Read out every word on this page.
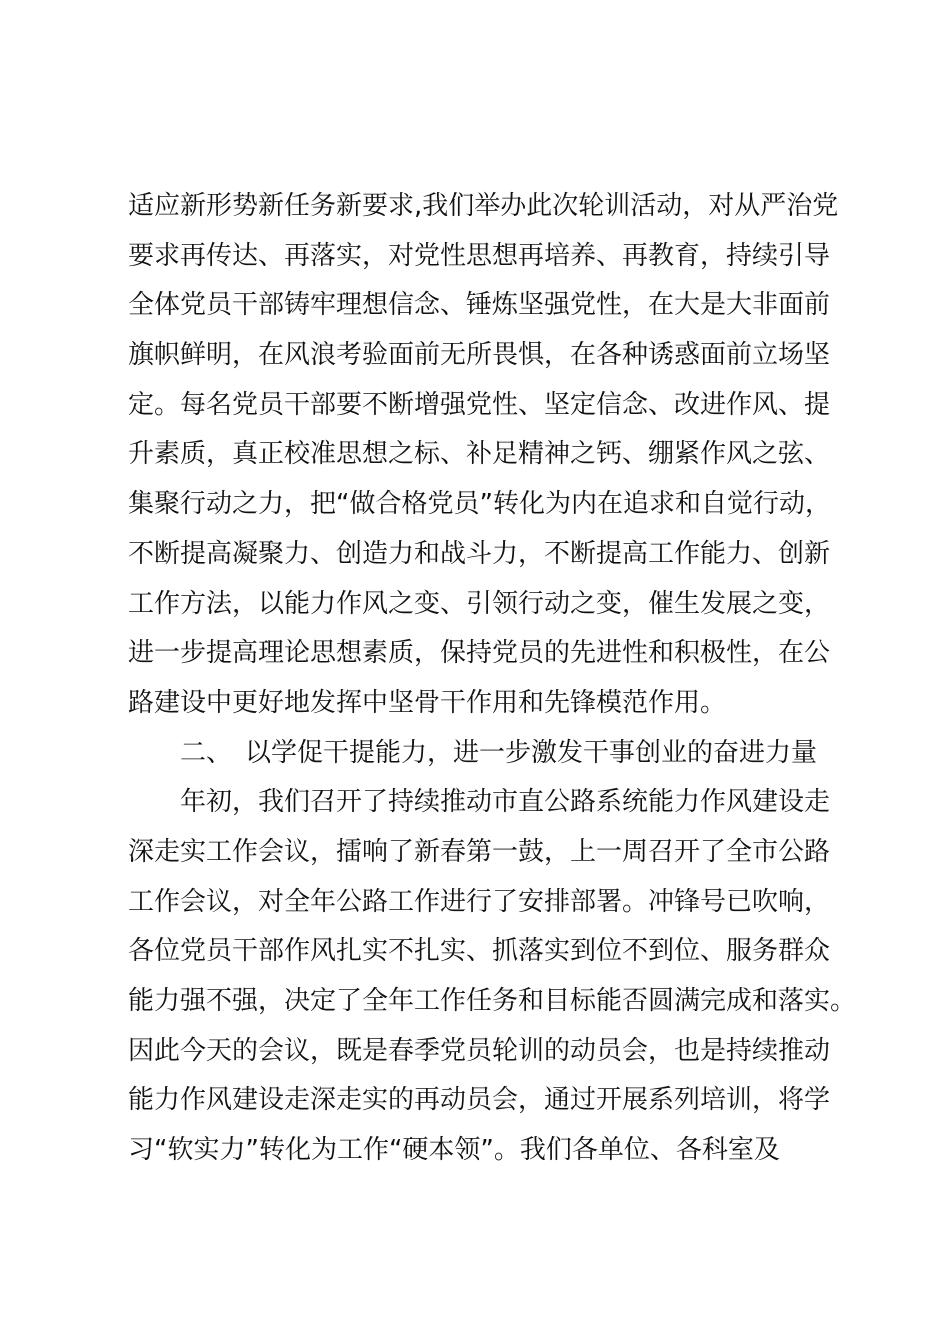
适应新形势新任务新要求,我们举办此次轮训活动，对从严治党
要求再传达、再落实，对党性思想再培养、再教育，持续引导
全体党员干部铸牢理想信念、锤炼坚强党性，在大是大非面前
旗帜鲜明，在风浪考验面前无所畏惧，在各种诱惑面前立场坚
定。每名党员干部要不断增强党性、坚定信念、改进作风、提
升素质，真正校准思想之标、补足精神之钙、绷紧作风之弦、
集聚行动之力，把“做合格党员”转化为内在追求和自觉行动，
不断提高凝聚力、创造力和战斗力，不断提高工作能力、创新
工作方法，以能力作风之变、引领行动之变，催生发展之变，
进一步提高理论思想素质，保持党员的先进性和积极性，在公
路建设中更好地发挥中坚骨干作用和先锋模范作用。
二、　以学促干提能力，进一步激发干事创业的奋进力量
年初，我们召开了持续推动市直公路系统能力作风建设走
深走实工作会议，擂响了新春第一鼓，上一周召开了全市公路
工作会议，对全年公路工作进行了安排部署。冲锋号已吹响，
各位党员干部作风扎实不扎实、抓落实到位不到位、服务群众
能力强不强，决定了全年工作任务和目标能否圆满完成和落实。
因此今天的会议，既是春季党员轮训的动员会，也是持续推动
能力作风建设走深走实的再动员会，通过开展系列培训，将学
习“软实力”转化为工作“硬本领”。我们各单位、各科室及
